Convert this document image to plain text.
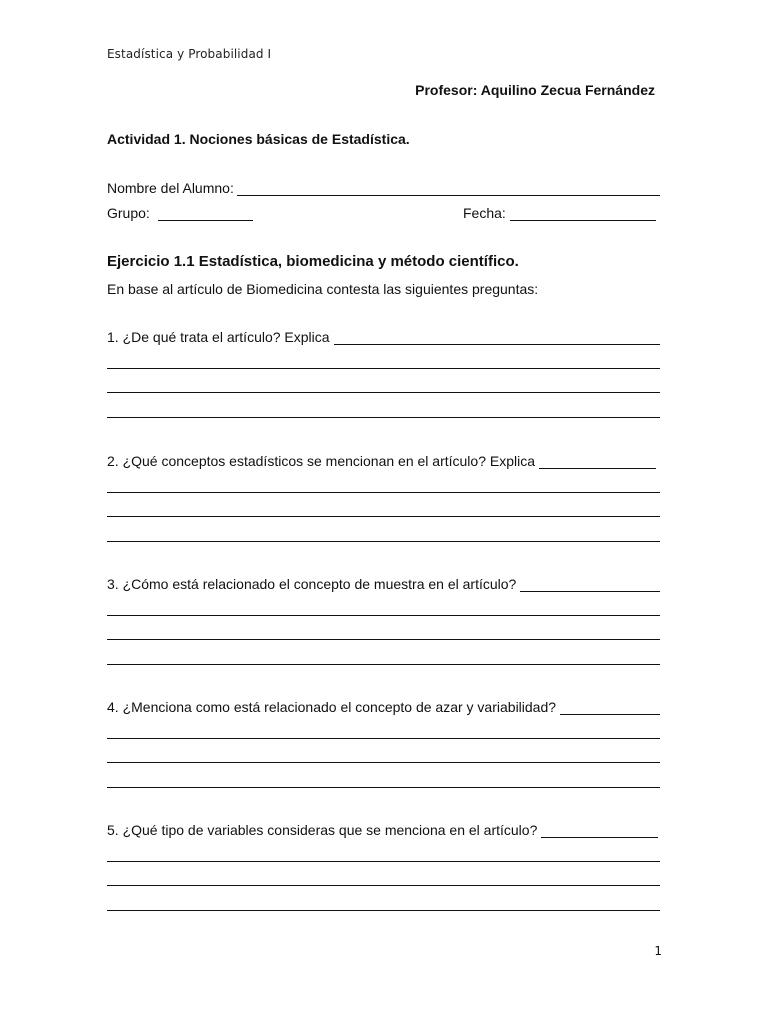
Estadística y Probabilidad I
Profesor: Aquilino Zecua Fernández
Actividad 1. Nociones básicas de Estadística.
Nombre del Alumno:
Grupo:	Fecha:
Ejercicio 1.1 Estadística, biomedicina y método científico.
En base al artículo de Biomedicina contesta las siguientes preguntas:
1. ¿De qué trata el artículo? Explica
2. ¿Qué conceptos estadísticos se mencionan en el artículo? Explica
3. ¿Cómo está relacionado el concepto de muestra en el artículo?
4. ¿Menciona como está relacionado el concepto de azar y variabilidad?
5. ¿Qué tipo de variables consideras que se menciona en el artículo?
1
